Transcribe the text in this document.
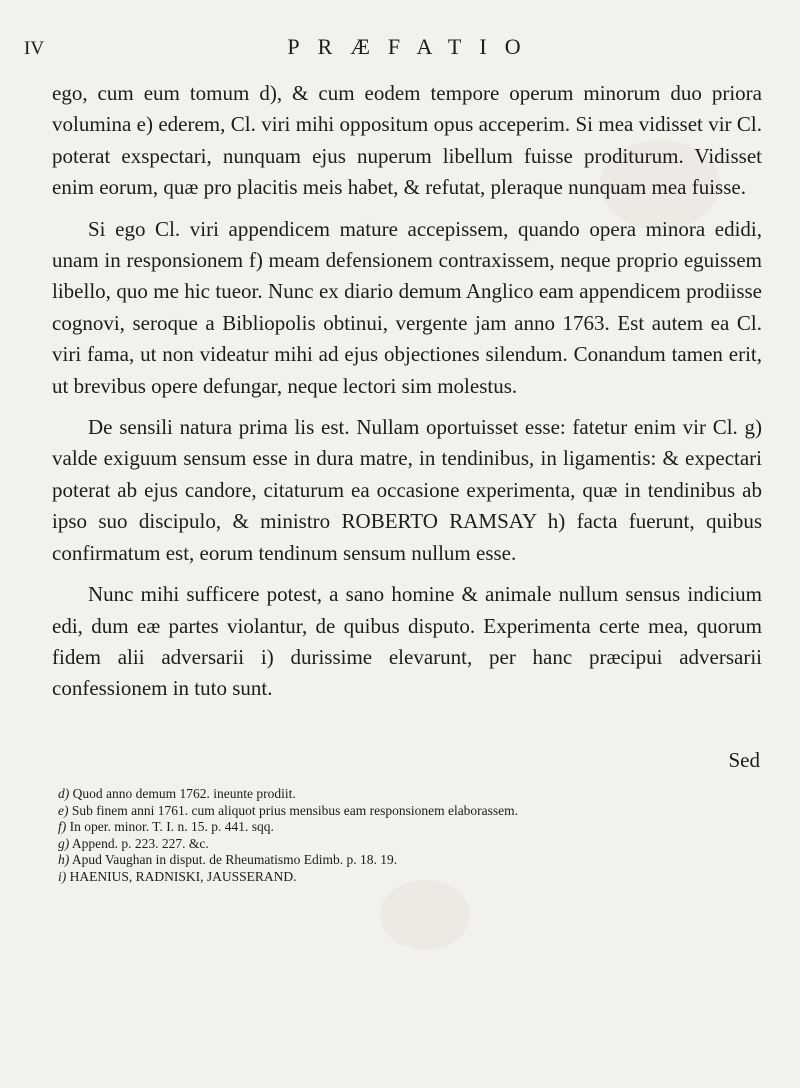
IV	PRÆFATIO

ego, cum eum tomum d), & cum eodem tempore operum minorum duo priora volumina e) ederem, Cl. viri mihi oppositum opus acceperim. Si mea vidisset vir Cl. poterat exspectari, nunquam ejus nuperum libellum fuisse proditurum. Vidisset enim eorum, quæ pro placitis meis habet, & refutat, pleraque nunquam mea fuisse.

Si ego Cl. viri appendicem mature accepissem, quando opera minora edidi, unam in responsionem f) meam defensionem contraxissem, neque proprio eguissem libello, quo me hic tueor. Nunc ex diario demum Anglico eam appendicem prodiisse cognovi, seroque a Bibliopolis obtinui, vergente jam anno 1763. Est autem ea Cl. viri fama, ut non videatur mihi ad ejus objectiones silendum. Conandum tamen erit, ut brevibus opere defungar, neque lectori sim molestus.

De sensili natura prima lis est. Nullam oportuisset esse: fatetur enim vir Cl. g) valde exiguum sensum esse in dura matre, in tendinibus, in ligamentis: & expectari poterat ab ejus candore, citaturum ea occasione experimenta, quæ in tendinibus ab ipso suo discipulo, & ministro ROBERTO RAMSAY h) facta fuerunt, quibus confirmatum est, eorum tendinum sensum nullum esse.

Nunc mihi sufficere potest, a sano homine & animale nullum sensus indicium edi, dum eæ partes violantur, de quibus disputo. Experimenta certe mea, quorum fidem alii adversarii i) durissime elevarunt, per hanc præcipui adversarii confessionem in tuto sunt.

Sed
d) Quod anno demum 1762. ineunte prodiit.
e) Sub finem anni 1761. cum aliquot prius mensibus eam responsionem elaborassem.
f) In oper. minor. T. I. n. 15. p. 441. sqq.
g) Append. p. 223. 227. &c.
h) Apud Vaughan in disput. de Rheumatismo Edimb. p. 18. 19.
i) HAENIUS, RADNISKI, JAUSSERAND.
